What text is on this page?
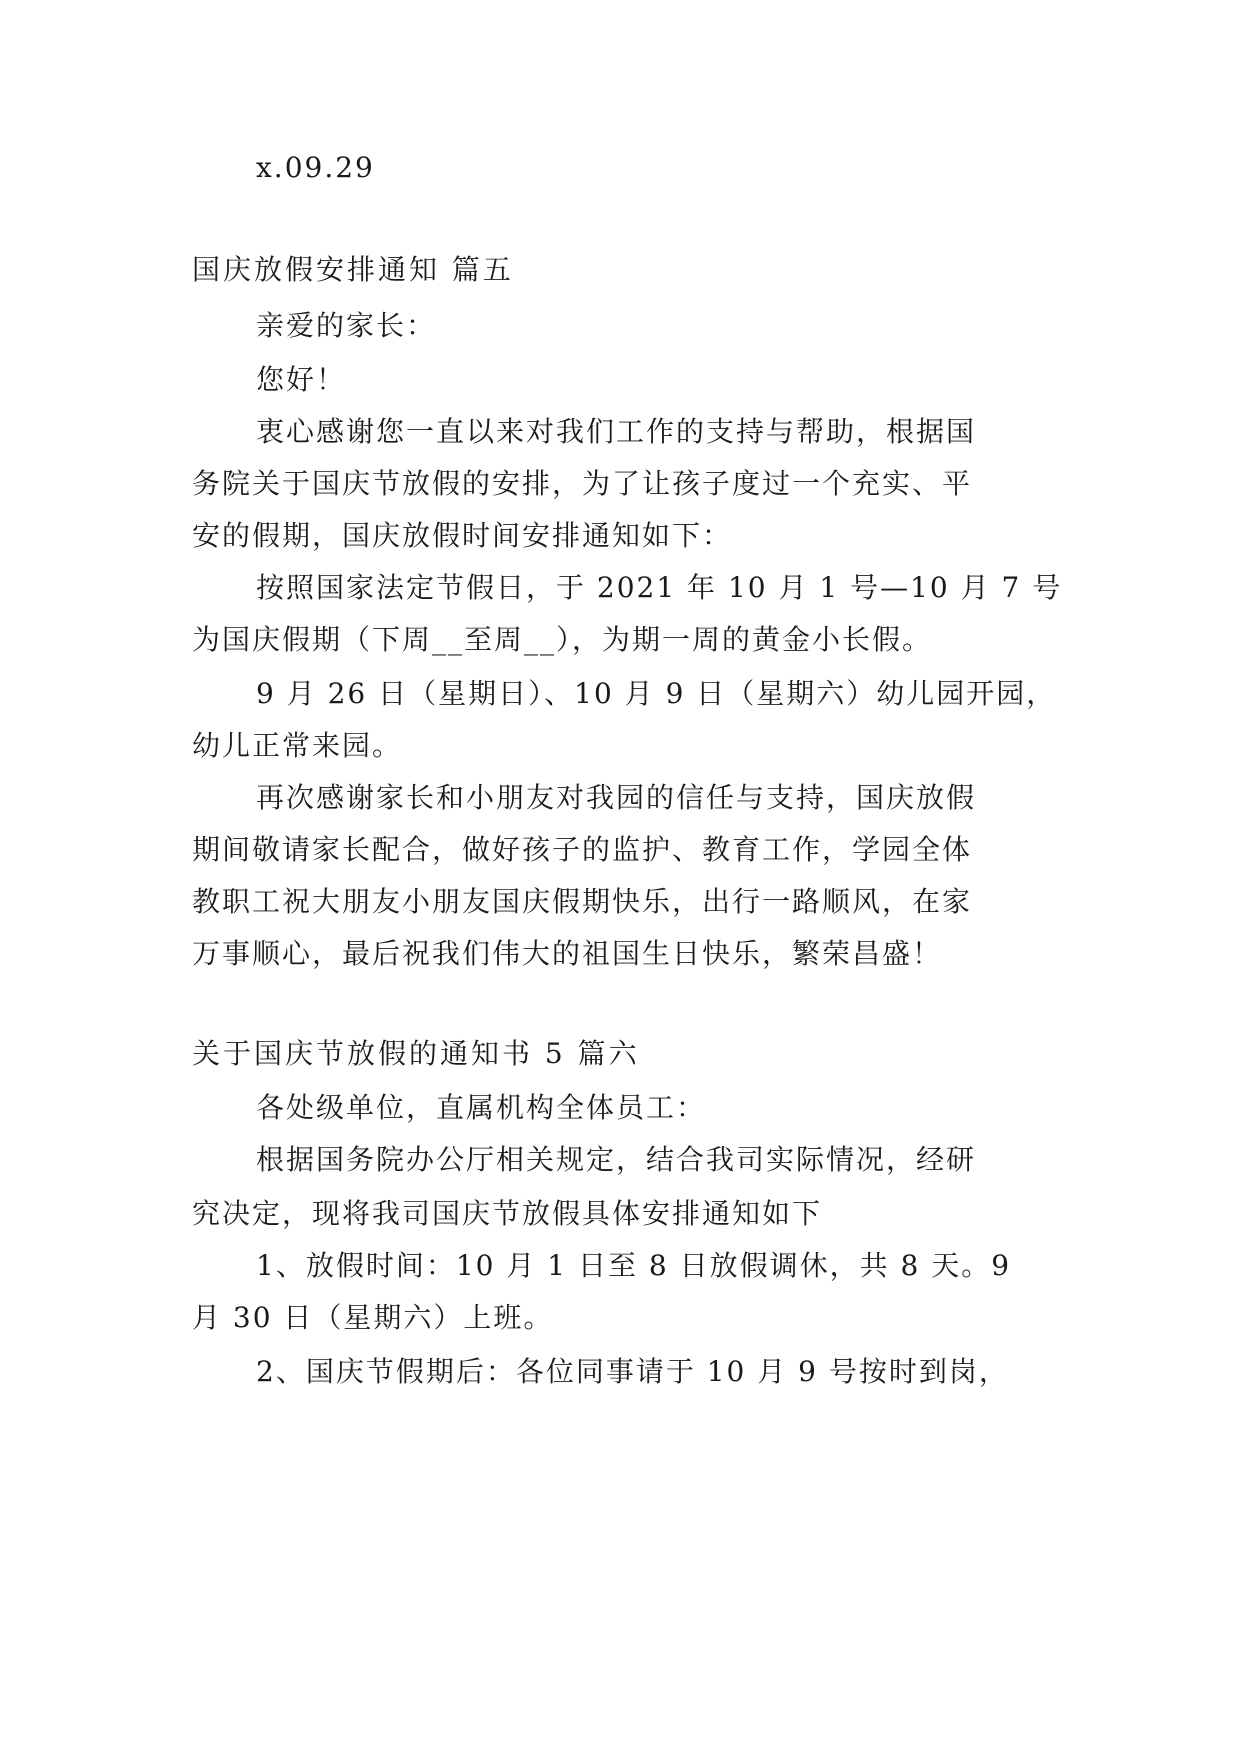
x.09.29
国庆放假安排通知 篇五
亲爱的家长：
您好！
衷心感谢您一直以来对我们工作的支持与帮助，根据国
务院关于国庆节放假的安排，为了让孩子度过一个充实、平
安的假期，国庆放假时间安排通知如下：
按照国家法定节假日，于 2021 年 10 月 1 号—10 月 7 号
为国庆假期（下周__至周__），为期一周的黄金小长假。
9 月 26 日（星期日）、10 月 9 日（星期六）幼儿园开园，
幼儿正常来园。
再次感谢家长和小朋友对我园的信任与支持，国庆放假
期间敬请家长配合，做好孩子的监护、教育工作，学园全体
教职工祝大朋友小朋友国庆假期快乐，出行一路顺风，在家
万事顺心，最后祝我们伟大的祖国生日快乐，繁荣昌盛！
关于国庆节放假的通知书 5 篇六
各处级单位，直属机构全体员工：
根据国务院办公厅相关规定，结合我司实际情况，经研
究决定，现将我司国庆节放假具体安排通知如下
1、放假时间：10 月 1 日至 8 日放假调休，共 8 天。9
月 30 日（星期六）上班。
2、国庆节假期后：各位同事请于 10 月 9 号按时到岗，
